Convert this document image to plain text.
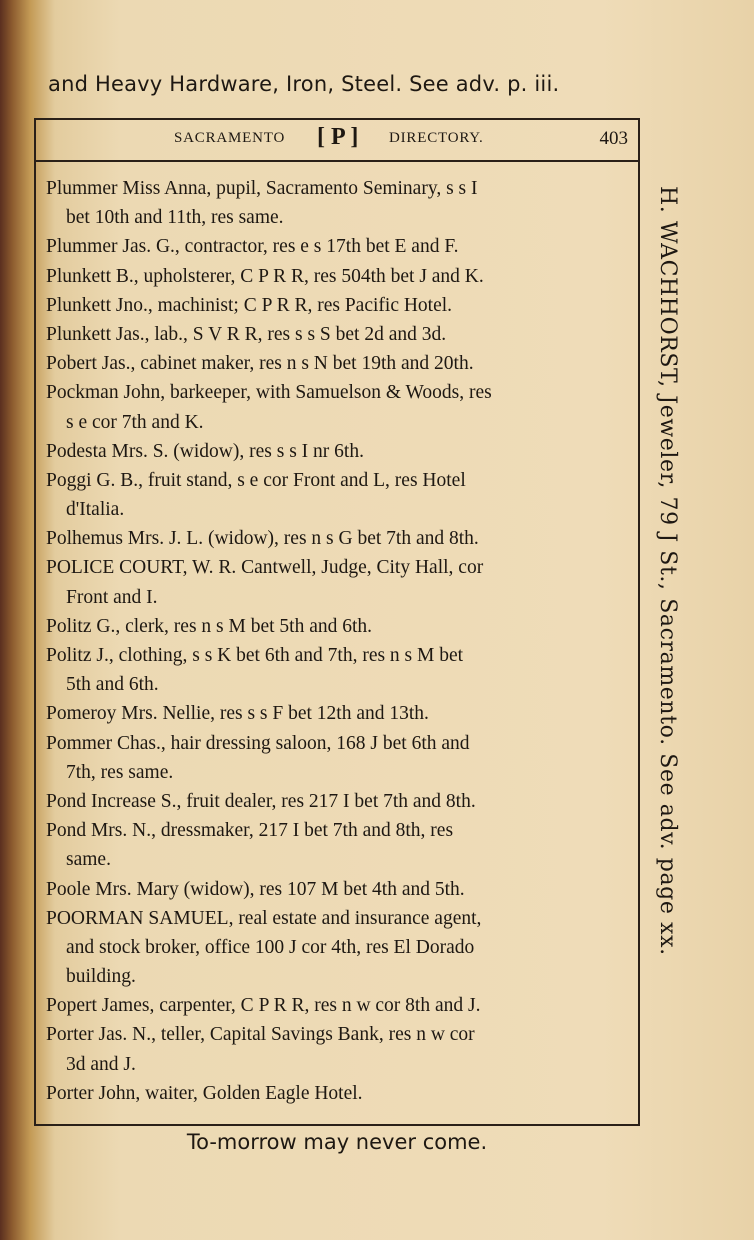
and Heavy Hardware, Iron, Steel. See adv. p. iii.
SACRAMENTO [ P ] DIRECTORY.	403
Plummer Miss Anna, pupil, Sacramento Seminary, s s I
bet 10th and 11th, res same.
Plummer Jas. G., contractor, res e s 17th bet E and F.
Plunkett B., upholsterer, C P R R, res 504th bet J and K.
Plunkett Jno., machinist; C P R R, res Pacific Hotel.
Plunkett Jas., lab., S V R R, res s s S bet 2d and 3d.
Pobert Jas., cabinet maker, res n s N bet 19th and 20th.
Pockman John, barkeeper, with Samuelson & Woods, res
s e cor 7th and K.
Podesta Mrs. S. (widow), res s s I nr 6th.
Poggi G. B., fruit stand, s e cor Front and L, res Hotel
d'Italia.
Polhemus Mrs. J. L. (widow), res n s G bet 7th and 8th.
POLICE COURT, W. R. Cantwell, Judge, City Hall, cor
Front and I.
Politz G., clerk, res n s M bet 5th and 6th.
Politz J., clothing, s s K bet 6th and 7th, res n s M bet
5th and 6th.
Pomeroy Mrs. Nellie, res s s F bet 12th and 13th.
Pommer Chas., hair dressing saloon, 168 J bet 6th and
7th, res same.
Pond Increase S., fruit dealer, res 217 I bet 7th and 8th.
Pond Mrs. N., dressmaker, 217 I bet 7th and 8th, res
same.
Poole Mrs. Mary (widow), res 107 M bet 4th and 5th.
POORMAN SAMUEL, real estate and insurance agent,
and stock broker, office 100 J cor 4th, res El Dorado
building.
Popert James, carpenter, C P R R, res n w cor 8th and J.
Porter Jas. N., teller, Capital Savings Bank, res n w cor
3d and J.
Porter John, waiter, Golden Eagle Hotel.
H. WACHHORST, Jeweler, 79 J St., Sacramento. See adv. page xx.
To-morrow may never come.
